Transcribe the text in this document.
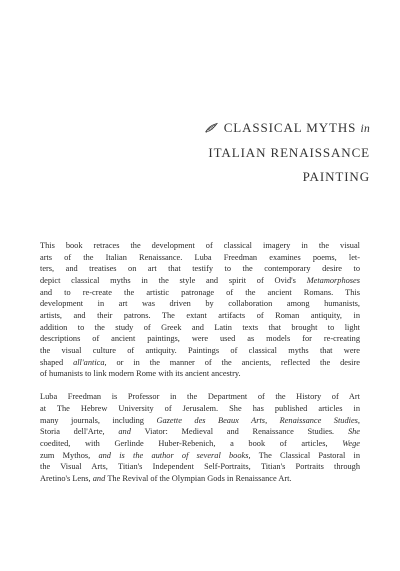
CLASSICAL MYTHS in
ITALIAN RENAISSANCE
PAINTING
This book retraces the development of classical imagery in the visual
arts of the Italian Renaissance. Luba Freedman examines poems, let-
ters, and treatises on art that testify to the contemporary desire to
depict classical myths in the style and spirit of Ovid's Metamorphoses
and to re-create the artistic patronage of the ancient Romans. This
development in art was driven by collaboration among humanists,
artists, and their patrons. The extant artifacts of Roman antiquity, in
addition to the study of Greek and Latin texts that brought to light
descriptions of ancient paintings, were used as models for re-creating
the visual culture of antiquity. Paintings of classical myths that were
shaped all'antica, or in the manner of the ancients, reflected the desire
of humanists to link modern Rome with its ancient ancestry.
Luba Freedman is Professor in the Department of the History of Art
at The Hebrew University of Jerusalem. She has published articles in
many journals, including Gazette des Beaux Arts, Renaissance Studies,
Storia dell'Arte, and Viator: Medieval and Renaissance Studies. She
coedited, with Gerlinde Huber-Rebenich, a book of articles, Wege
zum Mythos, and is the author of several books, The Classical Pastoral in
the Visual Arts, Titian's Independent Self-Portraits, Titian's Portraits through
Aretino's Lens, and The Revival of the Olympian Gods in Renaissance Art.
